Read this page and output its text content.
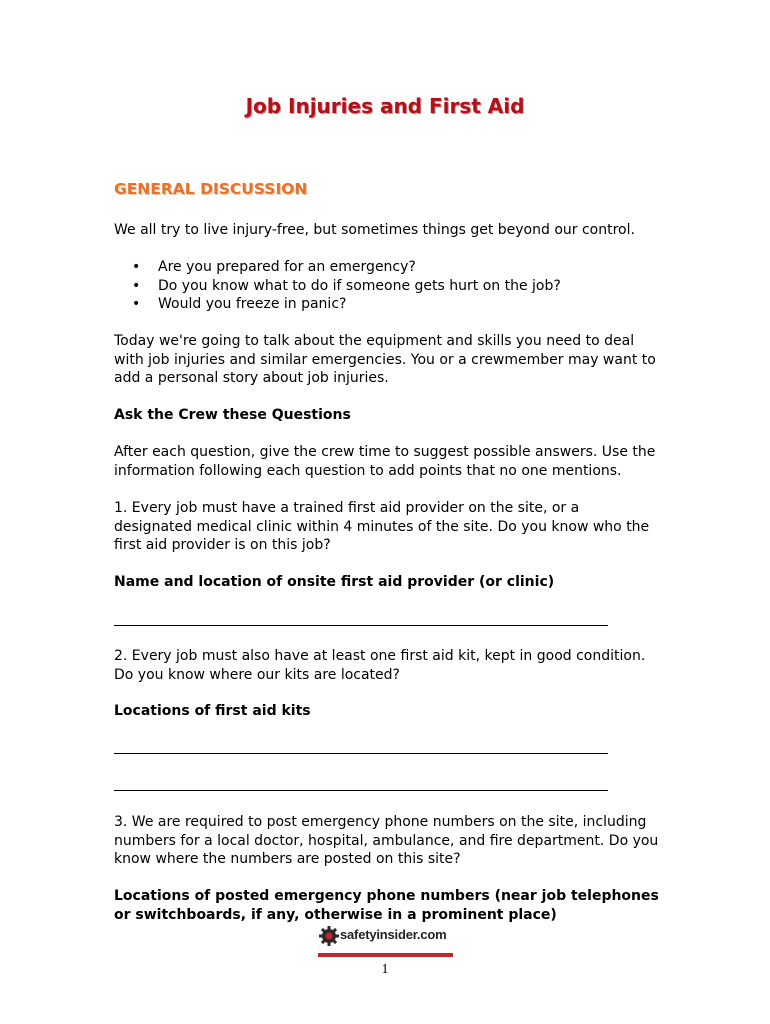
Job Injuries and First Aid
GENERAL DISCUSSION

We all try to live injury-free, but sometimes things get beyond our control.

• Are you prepared for an emergency?
• Do you know what to do if someone gets hurt on the job?
• Would you freeze in panic?

Today we're going to talk about the equipment and skills you need to deal with job injuries and similar emergencies. You or a crewmember may want to add a personal story about job injuries.

Ask the Crew these Questions

After each question, give the crew time to suggest possible answers. Use the information following each question to add points that no one mentions.

1. Every job must have a trained first aid provider on the site, or a designated medical clinic within 4 minutes of the site. Do you know who the first aid provider is on this job?

Name and location of onsite first aid provider (or clinic)

2. Every job must also have at least one first aid kit, kept in good condition. Do you know where our kits are located?

Locations of first aid kits

3. We are required to post emergency phone numbers on the site, including numbers for a local doctor, hospital, ambulance, and fire department. Do you know where the numbers are posted on this site?

Locations of posted emergency phone numbers (near job telephones or switchboards, if any, otherwise in a prominent place)

safetyinsider.com
1
